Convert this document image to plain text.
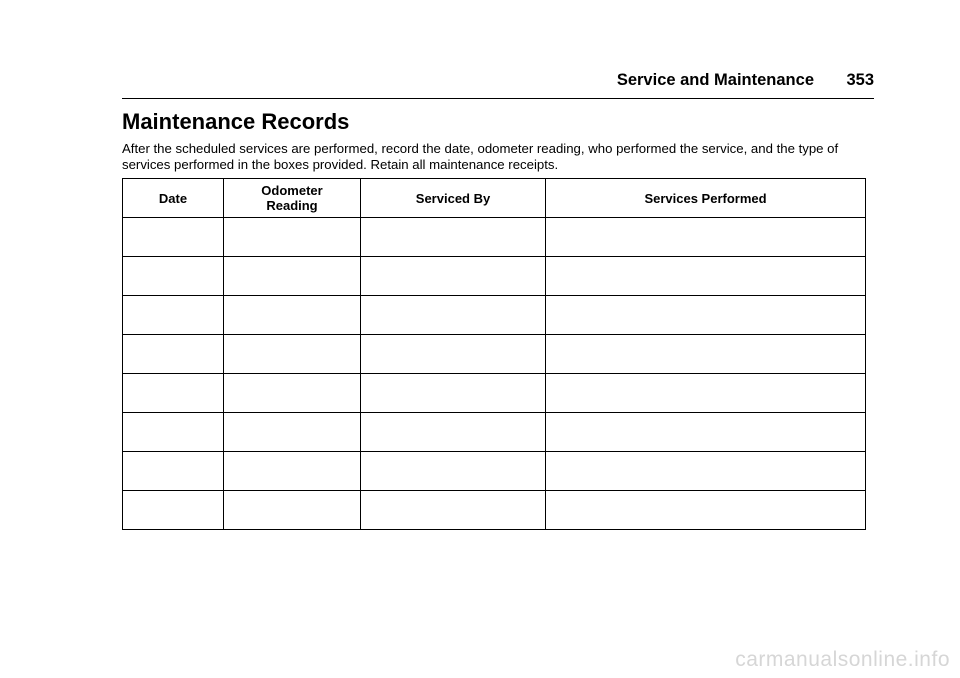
Service and Maintenance 353
Maintenance Records

After the scheduled services are performed, record the date, odometer reading, who performed the service, and the type of services performed in the boxes provided. Retain all maintenance receipts.

Date	Odometer Reading	Serviced By	Services Performed

carmanualsonline.info
